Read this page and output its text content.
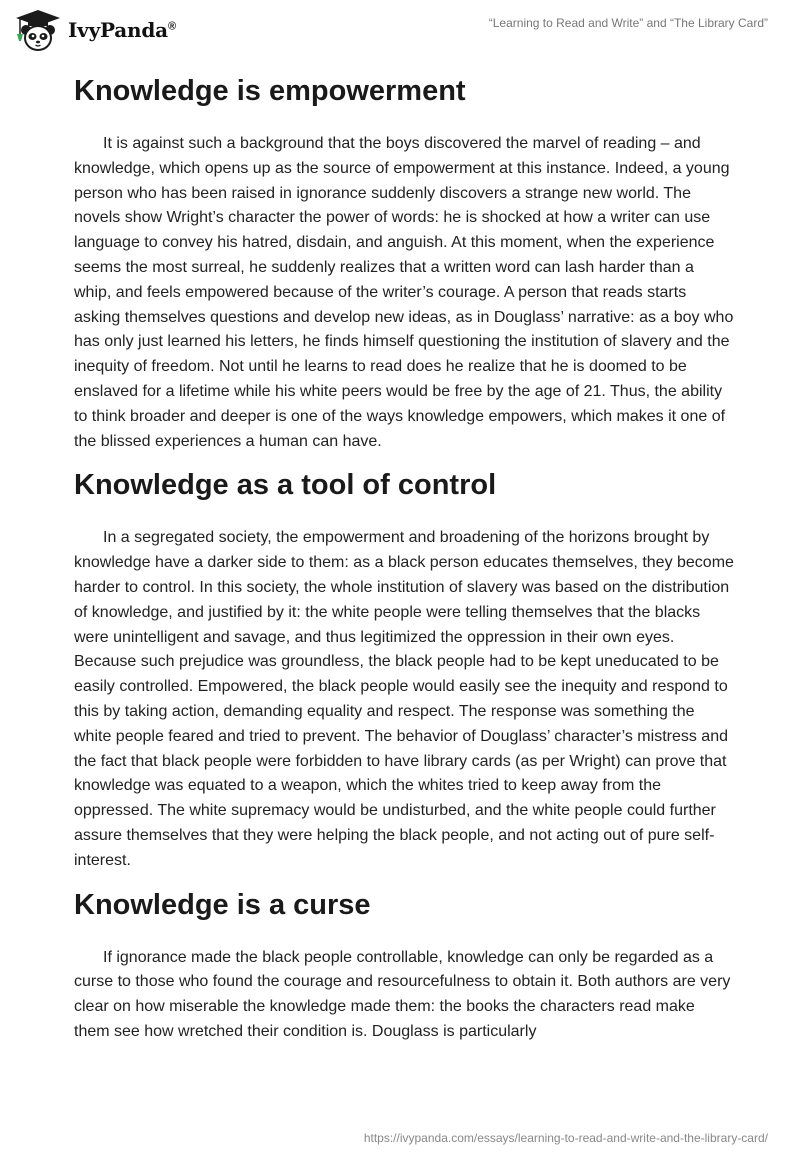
IvyPanda®	“Learning to Read and Write” and “The Library Card”
Knowledge is empowerment

It is against such a background that the boys discovered the marvel of reading – and knowledge, which opens up as the source of empowerment at this instance. Indeed, a young person who has been raised in ignorance suddenly discovers a strange new world. The novels show Wright’s character the power of words: he is shocked at how a writer can use language to convey his hatred, disdain, and anguish. At this moment, when the experience seems the most surreal, he suddenly realizes that a written word can lash harder than a whip, and feels empowered because of the writer’s courage. A person that reads starts asking themselves questions and develop new ideas, as in Douglass’ narrative: as a boy who has only just learned his letters, he finds himself questioning the institution of slavery and the inequity of freedom. Not until he learns to read does he realize that he is doomed to be enslaved for a lifetime while his white peers would be free by the age of 21. Thus, the ability to think broader and deeper is one of the ways knowledge empowers, which makes it one of the blissed experiences a human can have.

Knowledge as a tool of control

In a segregated society, the empowerment and broadening of the horizons brought by knowledge have a darker side to them: as a black person educates themselves, they become harder to control. In this society, the whole institution of slavery was based on the distribution of knowledge, and justified by it: the white people were telling themselves that the blacks were unintelligent and savage, and thus legitimized the oppression in their own eyes. Because such prejudice was groundless, the black people had to be kept uneducated to be easily controlled. Empowered, the black people would easily see the inequity and respond to this by taking action, demanding equality and respect. The response was something the white people feared and tried to prevent. The behavior of Douglass’ character’s mistress and the fact that black people were forbidden to have library cards (as per Wright) can prove that knowledge was equated to a weapon, which the whites tried to keep away from the oppressed. The white supremacy would be undisturbed, and the white people could further assure themselves that they were helping the black people, and not acting out of pure self-interest.

Knowledge is a curse

If ignorance made the black people controllable, knowledge can only be regarded as a curse to those who found the courage and resourcefulness to obtain it. Both authors are very clear on how miserable the knowledge made them: the books the characters read make them see how wretched their condition is. Douglass is particularly

https://ivypanda.com/essays/learning-to-read-and-write-and-the-library-card/
